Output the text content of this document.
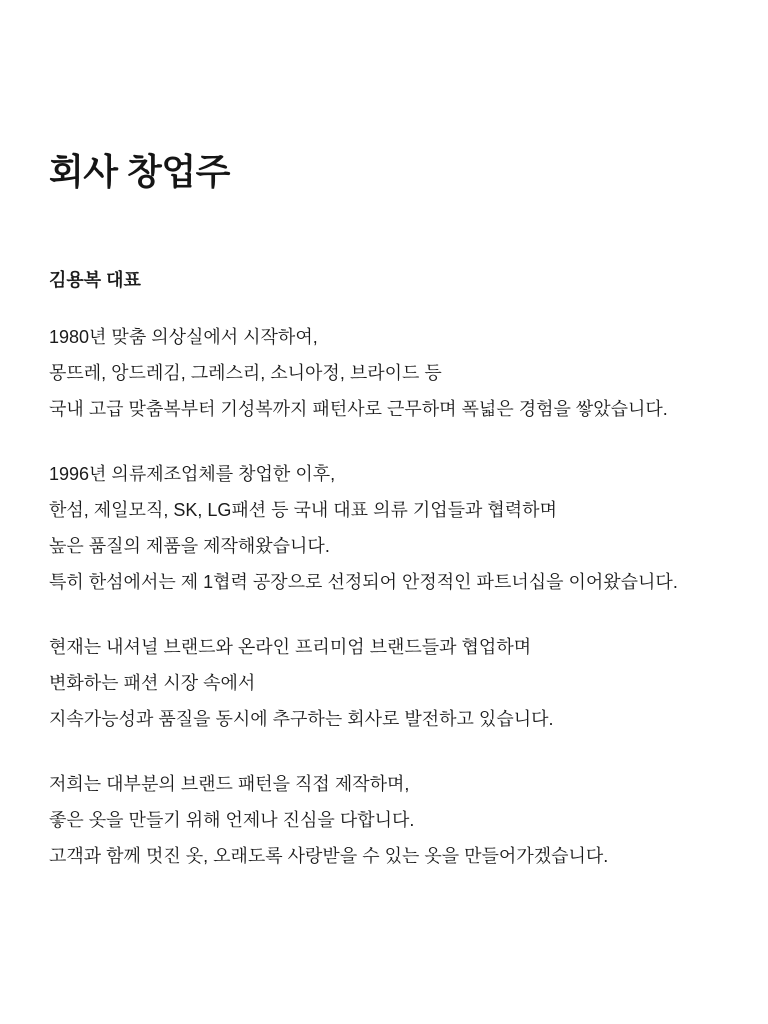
회사 창업주
김용복 대표
1980년 맞춤 의상실에서 시작하여,
몽뜨레, 앙드레김, 그레스리, 소니아정, 브라이드 등
국내 고급 맞춤복부터 기성복까지 패턴사로 근무하며 폭넓은 경험을 쌓았습니다.
1996년 의류제조업체를 창업한 이후,
한섬, 제일모직, SK, LG패션 등 국내 대표 의류 기업들과 협력하며
높은 품질의 제품을 제작해왔습니다.
특히 한섬에서는 제 1협력 공장으로 선정되어 안정적인 파트너십을 이어왔습니다.
현재는 내셔널 브랜드와 온라인 프리미엄 브랜드들과 협업하며
변화하는 패션 시장 속에서
지속가능성과 품질을 동시에 추구하는 회사로 발전하고 있습니다.
저희는 대부분의 브랜드 패턴을 직접 제작하며,
좋은 옷을 만들기 위해 언제나 진심을 다합니다.
고객과 함께 멋진 옷, 오래도록 사랑받을 수 있는 옷을 만들어가겠습니다.
